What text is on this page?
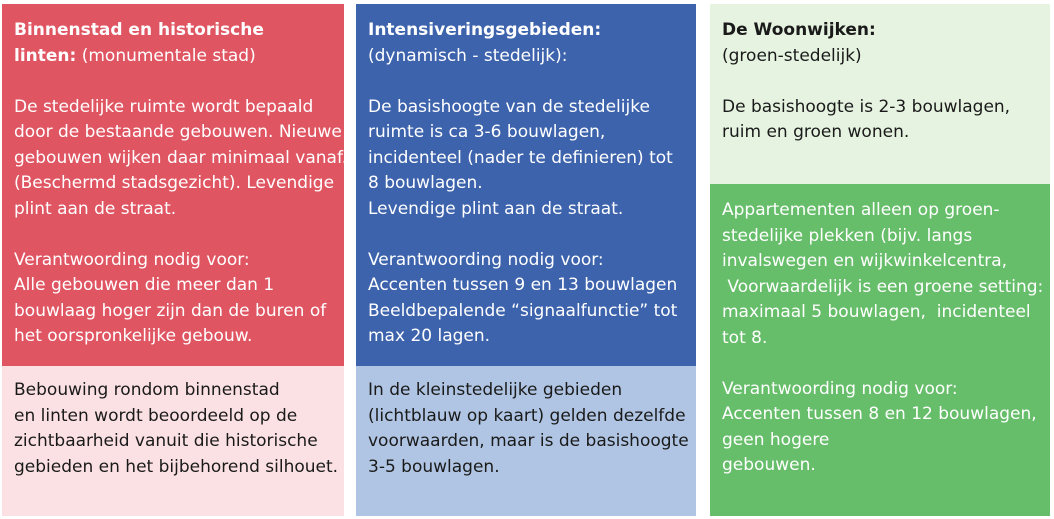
Binnenstad en historische
linten: (monumentale stad)

De stedelijke ruimte wordt bepaald
door de bestaande gebouwen. Nieuwe
gebouwen wijken daar minimaal vanaf.
(Beschermd stadsgezicht). Levendige
plint aan de straat.

Verantwoording nodig voor:
Alle gebouwen die meer dan 1
bouwlaag hoger zijn dan de buren of
het oorspronkelijke gebouw.

Bebouwing rondom binnenstad
en linten wordt beoordeeld op de
zichtbaarheid vanuit die historische
gebieden en het bijbehorend silhouet.

Intensiveringsgebieden:
(dynamisch - stedelijk):

De basishoogte van de stedelijke
ruimte is ca 3-6 bouwlagen,
incidenteel (nader te definieren) tot
8 bouwlagen.
Levendige plint aan de straat.

Verantwoording nodig voor:
Accenten tussen 9 en 13 bouwlagen
Beeldbepalende “signaalfunctie” tot
max 20 lagen.

In de kleinstedelijke gebieden
(lichtblauw op kaart) gelden dezelfde
voorwaarden, maar is de basishoogte
3-5 bouwlagen.

De Woonwijken:
(groen-stedelijk)

De basishoogte is 2-3 bouwlagen,
ruim en groen wonen.

Appartementen alleen op groen-
stedelijke plekken (bijv. langs
invalswegen en wijkwinkelcentra,
Voorwaardelijk is een groene setting:
maximaal 5 bouwlagen,  incidenteel
tot 8.

Verantwoording nodig voor:
Accenten tussen 8 en 12 bouwlagen,
geen hogere
gebouwen.
